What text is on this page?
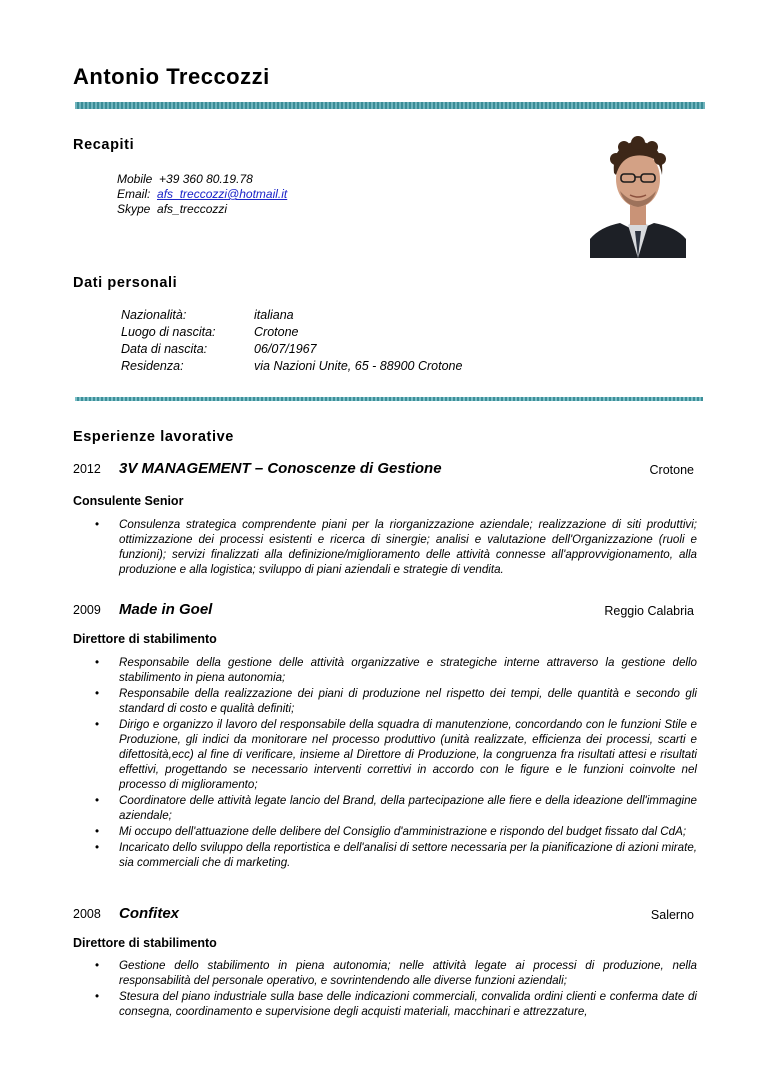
Antonio Treccozzi
Recapiti
Mobile +39 360 80.19.78
Email: afs_treccozzi@hotmail.it
Skype afs_treccozzi
Dati personali
Nazionalità:	italiana
Luogo di nascita:	Crotone
Data di nascita:	06/07/1967
Residenza:	via Nazioni Unite, 65 - 88900 Crotone
Esperienze lavorative
2012 3V MANAGEMENT – Conoscenze di Gestione	Crotone
Consulente Senior
• Consulenza strategica comprendente piani per la riorganizzazione aziendale; realizzazione di siti produttivi; ottimizzazione dei processi esistenti e ricerca di sinergie; analisi e valutazione dell'Organizzazione (ruoli e funzioni); servizi finalizzati alla definizione/miglioramento delle attività connesse all'approvvigionamento, alla produzione e alla logistica; sviluppo di piani aziendali e strategie di vendita.
2009 Made in Goel	Reggio Calabria
Direttore di stabilimento
• Responsabile della gestione delle attività organizzative e strategiche interne attraverso la gestione dello stabilimento in piena autonomia;
• Responsabile della realizzazione dei piani di produzione nel rispetto dei tempi, delle quantità e secondo gli standard di costo e qualità definiti;
• Dirigo e organizzo il lavoro del responsabile della squadra di manutenzione, concordando con le funzioni Stile e Produzione, gli indici da monitorare nel processo produttivo (unità realizzate, efficienza dei processi, scarti e difettosità,ecc) al fine di verificare, insieme al Direttore di Produzione, la congruenza fra risultati attesi e risultati effettivi, progettando se necessario interventi correttivi in accordo con le figure e le funzioni coinvolte nel processo di miglioramento;
• Coordinatore delle attività legate lancio del Brand, della partecipazione alle fiere e della ideazione dell'immagine aziendale;
• Mi occupo dell'attuazione delle delibere del Consiglio d'amministrazione e rispondo del budget fissato dal CdA;
• Incaricato dello sviluppo della reportistica e dell'analisi di settore necessaria per la pianificazione di azioni mirate, sia commerciali che di marketing.
2008 Confitex	Salerno
Direttore di stabilimento
• Gestione dello stabilimento in piena autonomia; nelle attività legate ai processi di produzione, nella responsabilità del personale operativo, e sovrintendendo alle diverse funzioni aziendali;
• Stesura del piano industriale sulla base delle indicazioni commerciali, convalida ordini clienti e conferma date di consegna, coordinamento e supervisione degli acquisti materiali, macchinari e attrezzature,
